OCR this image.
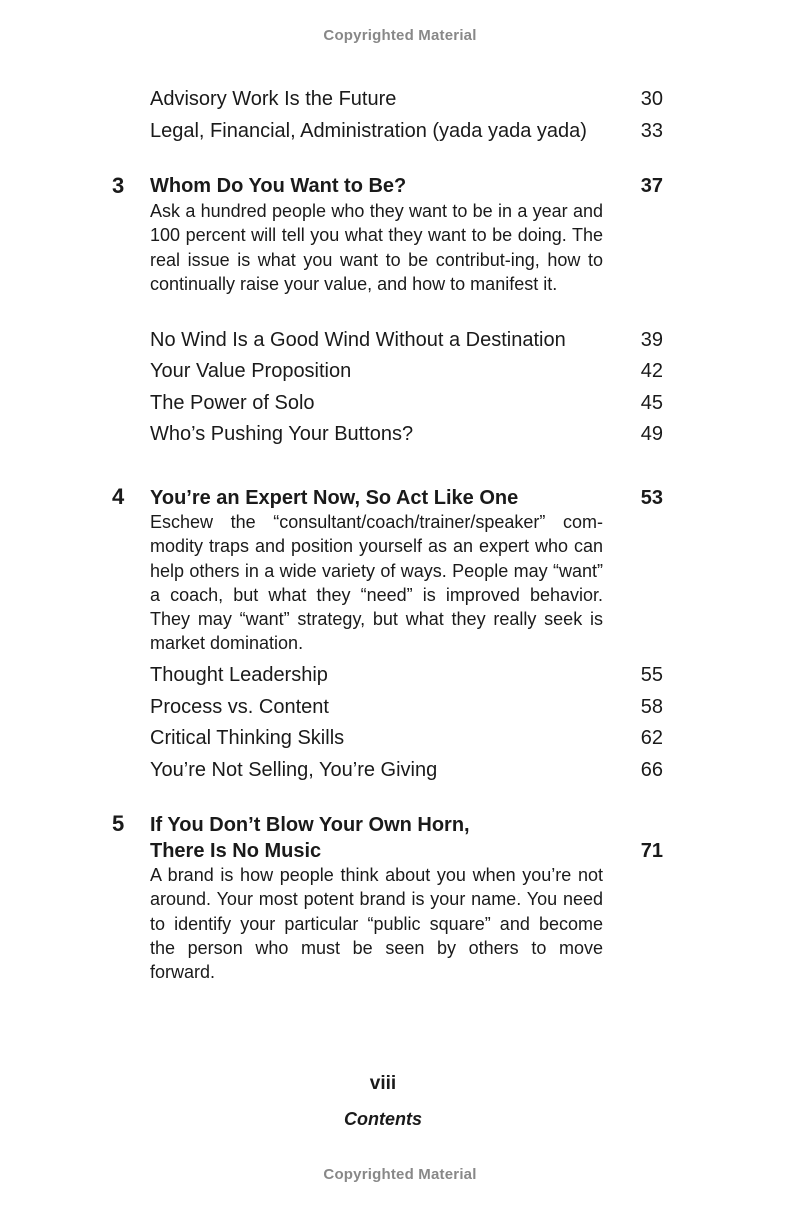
Copyrighted Material
Advisory Work Is the Future	30
Legal, Financial, Administration (yada yada yada)	33
3	Whom Do You Want to Be?	37
Ask a hundred people who they want to be in a year and 100 percent will tell you what they want to be doing. The real issue is what you want to be contribut-ing, how to continually raise your value, and how to manifest it.
No Wind Is a Good Wind Without a Destination	39
Your Value Proposition	42
The Power of Solo	45
Who’s Pushing Your Buttons?	49
4	You’re an Expert Now, So Act Like One	53
Eschew the “consultant/coach/trainer/speaker” com-modity traps and position yourself as an expert who can help others in a wide variety of ways. People may “want” a coach, but what they “need” is improved behavior. They may “want” strategy, but what they really seek is market domination.
Thought Leadership	55
Process vs. Content	58
Critical Thinking Skills	62
You’re Not Selling, You’re Giving	66
5	If You Don’t Blow Your Own Horn,
There Is No Music	71
A brand is how people think about you when you’re not around. Your most potent brand is your name. You need to identify your particular “public square” and become the person who must be seen by others to move forward.
viii
Contents
Copyrighted Material
